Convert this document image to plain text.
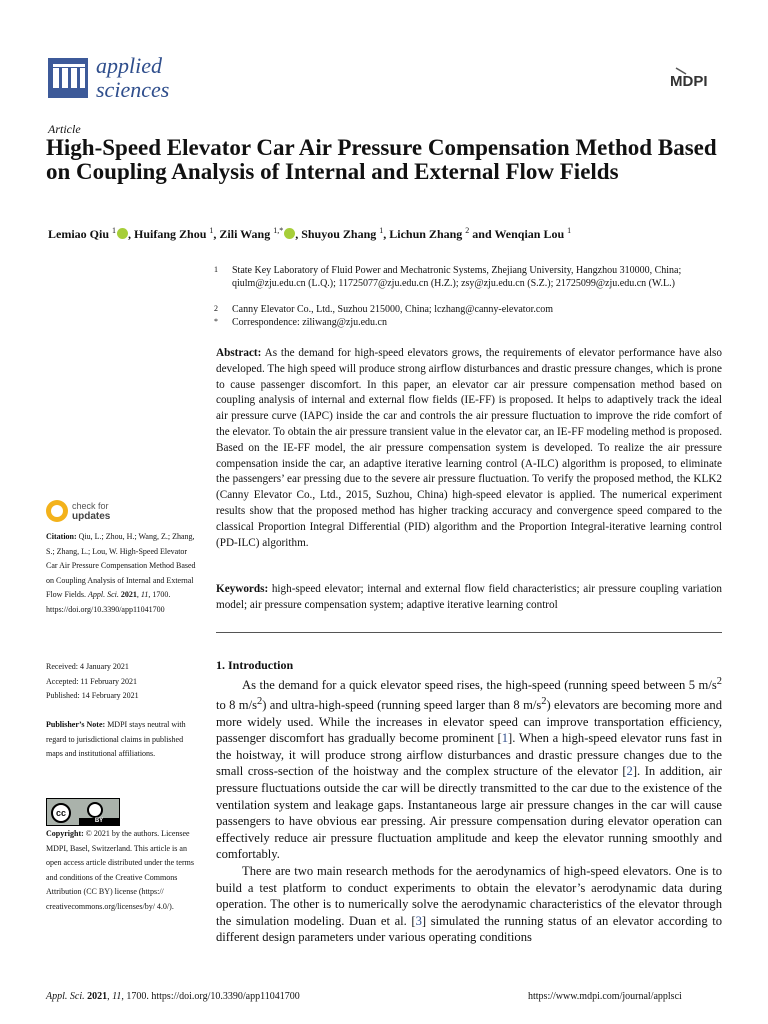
applied
sciences	MDPI
Article
High-Speed Elevator Car Air Pressure Compensation Method Based on Coupling Analysis of Internal and External Flow Fields
Lemiao Qiu $^1$ , Huifang Zhou $^1$, Zili Wang $^{1,*}$ , Shuyou Zhang $^1$, Lichun Zhang $^2$ and Wenqian Lou $^1$
1	State Key Laboratory of Fluid Power and Mechatronic Systems, Zhejiang University, Hangzhou 310000, China; qiulm@zju.edu.cn (L.Q.); 11725077@zju.edu.cn (H.Z.); zsy@zju.edu.cn (S.Z.); 21725099@zju.edu.cn (W.L.)
2	Canny Elevator Co., Ltd., Suzhou 215000, China; lczhang@canny-elevator.com
*	Correspondence: ziliwang@zju.edu.cn
Abstract: As the demand for high-speed elevators grows, the requirements of elevator performance have also developed. The high speed will produce strong airflow disturbances and drastic pressure changes, which is prone to cause passenger discomfort. In this paper, an elevator car air pressure compensation method based on coupling analysis of internal and external flow fields (IE-FF) is proposed. It helps to adaptively track the ideal air pressure curve (IAPC) inside the car and controls the air pressure fluctuation to improve the ride comfort of the elevator. To obtain the air pressure transient value in the elevator car, an IE-FF modeling method is proposed. Based on the IE-FF model, the air pressure compensation system is developed. To realize the air pressure compensation inside the car, an adaptive iterative learning control (A-ILC) algorithm is proposed, to eliminate the passengers’ ear pressing due to the severe air pressure fluctuation. To verify the proposed method, the KLK2 (Canny Elevator Co., Ltd., 2015, Suzhou, China) high-speed elevator is applied. The numerical experiment results show that the proposed method has higher tracking accuracy and convergence speed compared to the classical Proportion Integral Differential (PID) algorithm and the Proportion Integral-iterative learning control (PD-ILC) algorithm.
Keywords: high-speed elevator; internal and external flow field characteristics; air pressure coupling variation model; air pressure compensation system; adaptive iterative learning control
check for
updates
Citation: Qiu, L.; Zhou, H.; Wang, Z.; Zhang, S.; Zhang, L.; Lou, W. High-Speed Elevator Car Air Pressure Compensation Method Based on Coupling Analysis of Internal and External Flow Fields. Appl. Sci. 2021, 11, 1700. https://doi.org/10.3390/app11041700
Received: 4 January 2021
Accepted: 11 February 2021
Published: 14 February 2021
Publisher’s Note: MDPI stays neutral with regard to jurisdictional claims in published maps and institutional affiliations.
cc
BY
Copyright: © 2021 by the authors. Licensee MDPI, Basel, Switzerland. This article is an open access article distributed under the terms and conditions of the Creative Commons Attribution (CC BY) license (https:// creativecommons.org/licenses/by/ 4.0/).
1. Introduction

As the demand for a quick elevator speed rises, the high-speed (running speed between 5 $m/s^2$ to 8 $m/s^2$) and ultra-high-speed (running speed larger than 8 $m/s^2$) elevators are becoming more and more widely used. While the increases in elevator speed can improve transportation efficiency, passenger discomfort has gradually become prominent [1]. When a high-speed elevator runs fast in the hoistway, it will produce strong airflow disturbances and drastic pressure changes due to the small cross-section of the hoistway and the complex structure of the elevator [2]. In addition, air pressure fluctuations outside the car will be directly transmitted to the car due to the existence of the ventilation system and leakage gaps. Instantaneous large air pressure changes in the car will cause passengers to have obvious ear pressing. Air pressure compensation during elevator operation can effectively reduce air pressure fluctuation amplitude and keep the elevator running smoothly and comfortably.

There are two main research methods for the aerodynamics of high-speed elevators. One is to build a test platform to conduct experiments to obtain the elevator’s aerodynamic data during operation. The other is to numerically solve the aerodynamic characteristics of the elevator through the simulation modeling. Duan et al. [3] simulated the running status of an elevator according to different design parameters under various operating conditions

Appl. Sci. 2021, 11, 1700. https://doi.org/10.3390/app11041700	https://www.mdpi.com/journal/applsci
